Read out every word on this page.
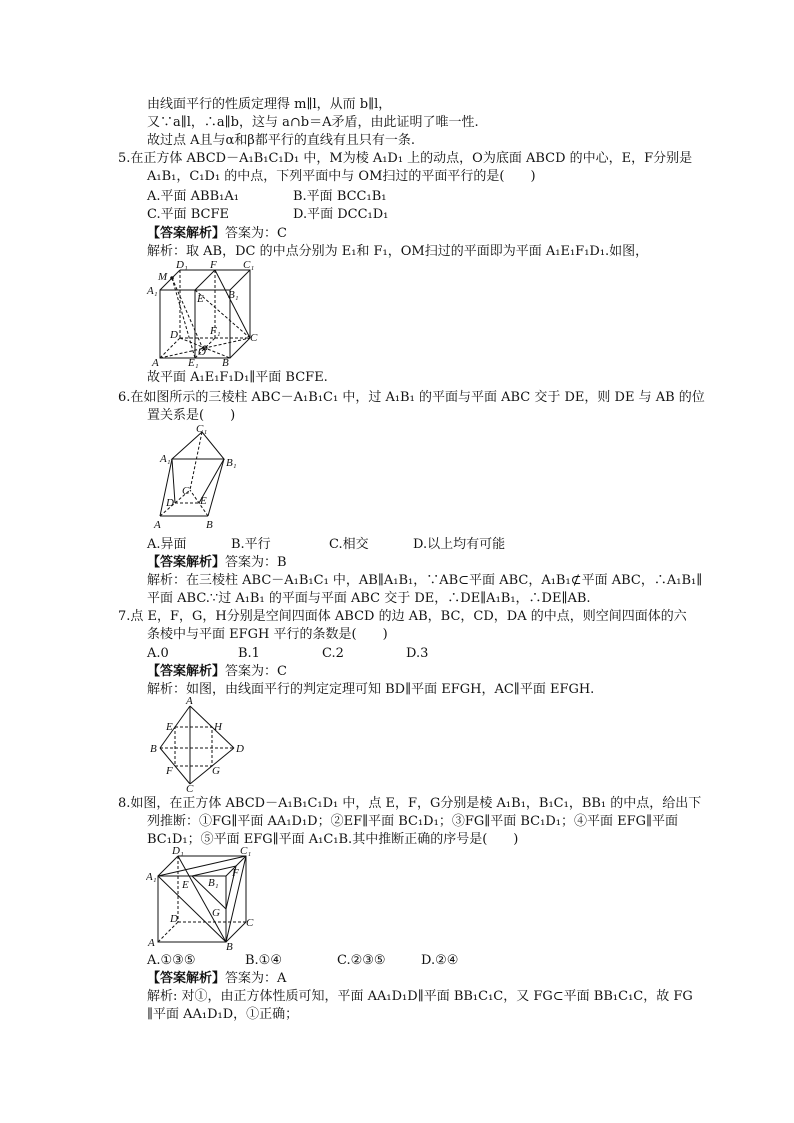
由线面平行的性质定理得 m∥l，从而 b∥l，
又∵a∥l，∴a∥b，这与 a∩b＝A矛盾，由此证明了唯一性.
故过点 A且与α和β都平行的直线有且只有一条.
5.在正方体 ABCD－A₁B₁C₁D₁ 中，M为棱 A₁D₁ 上的动点，O为底面 ABCD 的中心，E，F分别是
A₁B₁，C₁D₁ 的中点，下列平面中与 OM扫过的平面平行的是(　　)
A.平面 ABB₁A₁	B.平面 BCC₁B₁
C.平面 BCFE	D.平面 DCC₁D₁
【答案解析】答案为：C
解析：取 AB，DC 的中点分别为 E₁和 F₁，OM扫过的平面即为平面 A₁E₁F₁D₁.如图，
D₁ F C₁
M
A₁
E B₁
D	F₁
C
O
A	E₁ B
故平面 A₁E₁F₁D₁∥平面 BCFE.
6.在如图所示的三棱柱 ABC－A₁B₁C₁ 中，过 A₁B₁ 的平面与平面 ABC 交于 DE，则 DE 与 AB 的位
置关系是(　　)
C₁
A₁	B₁
C
D E
A	B
A.异面	B.平行	C.相交	D.以上均有可能
【答案解析】答案为：B
解析：在三棱柱 ABC－A₁B₁C₁ 中，AB∥A₁B₁，∵AB⊂平面 ABC，A₁B₁⊄平面 ABC，∴A₁B₁∥
平面 ABC.∵过 A₁B₁ 的平面与平面 ABC 交于 DE，∴DE∥A₁B₁，∴DE∥AB.
7.点 E，F，G，H分别是空间四面体 ABCD 的边 AB，BC，CD，DA 的中点，则空间四面体的六
条棱中与平面 EFGH 平行的条数是(　　)
A.0	B.1	C.2	D.3
【答案解析】答案为：C
解析：如图，由线面平行的判定定理可知 BD∥平面 EFGH，AC∥平面 EFGH.
A
E	H
B	D
F	G
C
8.如图，在正方体 ABCD－A₁B₁C₁D₁ 中，点 E，F，G分别是棱 A₁B₁，B₁C₁，BB₁ 的中点，给出下
列推断：①FG∥平面 AA₁D₁D；②EF∥平面 BC₁D₁；③FG∥平面 BC₁D₁；④平面 EFG∥平面
BC₁D₁；⑤平面 EFG∥平面 A₁C₁B.其中推断正确的序号是(　　)
D₁	C₁
A₁
E B₁
F
D	G
C
A	B
A.①③⑤	B.①④	C.②③⑤	D.②④
【答案解析】答案为：A
解析: 对①，由正方体性质可知，平面 AA₁D₁D∥平面 BB₁C₁C，又 FG⊂平面 BB₁C₁C，故 FG
∥平面 AA₁D₁D，①正确；
